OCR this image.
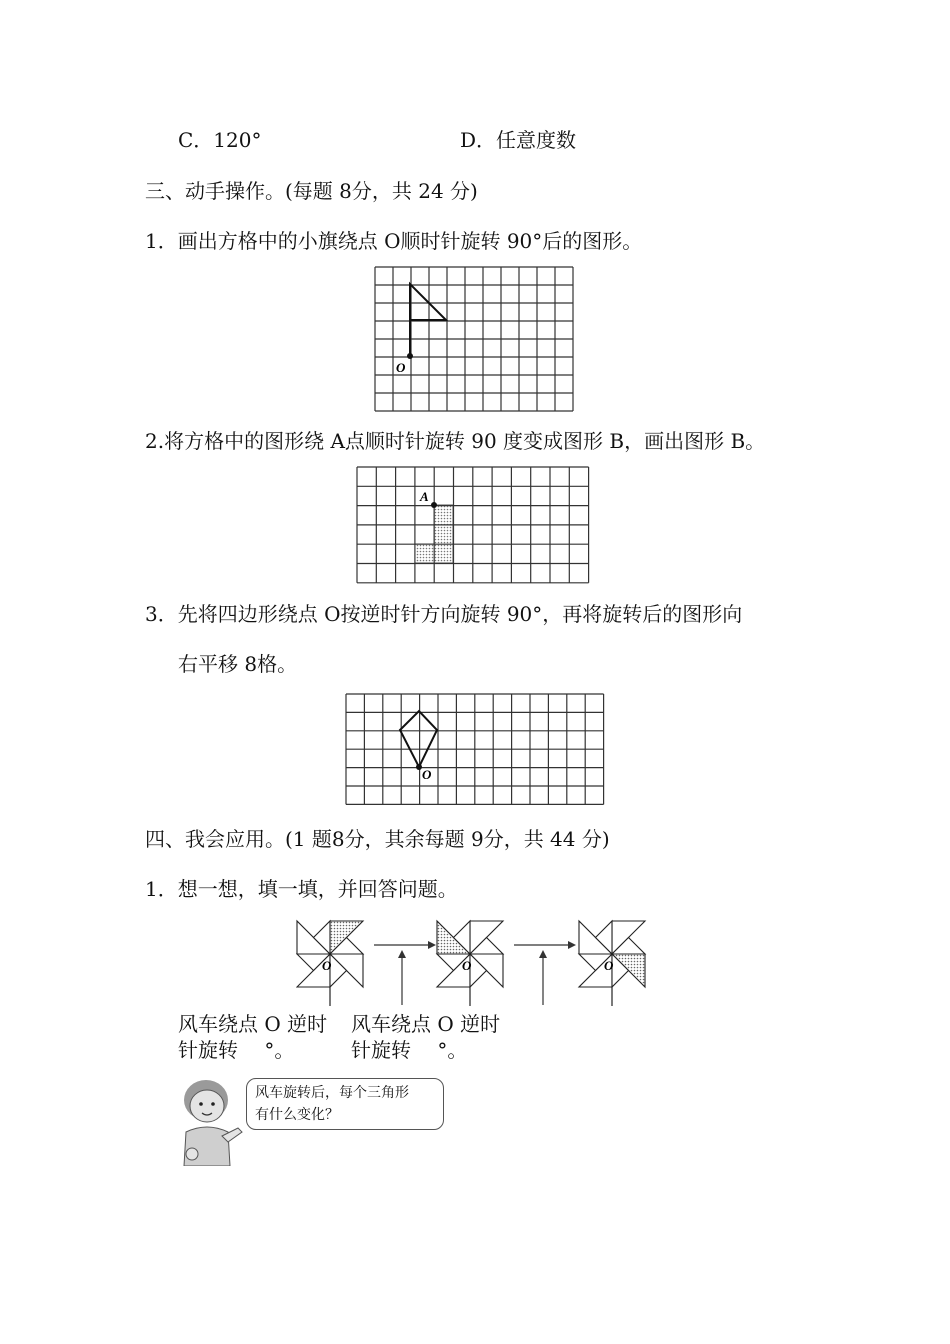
C．120°	D．任意度数
三、动手操作。(每题 8分，共 24 分)
1．画出方格中的小旗绕点 O顺时针旋转 90°后的图形。
O
2.将方格中的图形绕 A点顺时针旋转 90 度变成图形 B，画出图形 B。
A
3．先将四边形绕点 O按逆时针方向旋转 90°，再将旋转后的图形向
右平移 8格。
O
四、我会应用。(1 题8分，其余每题 9分，共 44 分)
1．想一想，填一填，并回答问题。
O	O	O
风车绕点 O 逆时
针旋转　 °。
风车绕点 O 逆时
针旋转　 °。
风车旋转后，每个三角形
有什么变化？
